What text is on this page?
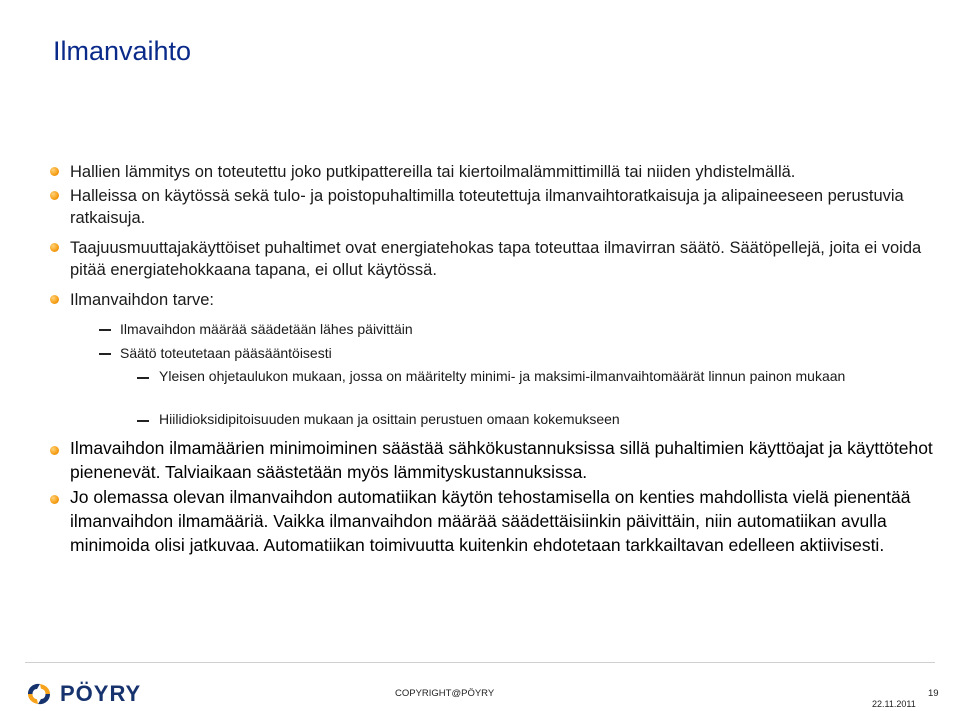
Ilmanvaihto
Hallien lämmitys on toteutettu joko putkipattereilla tai kiertoilmalämmittimillä tai niiden yhdistelmällä.
Halleissa on käytössä sekä tulo- ja poistopuhaltimilla toteutettuja ilmanvaihtoratkaisuja ja alipaineeseen perustuvia ratkaisuja.
Taajuusmuuttajakäyttöiset puhaltimet ovat energiatehokas tapa toteuttaa ilmavirran säätö. Säätöpellejä, joita ei voida pitää energiatehokkaana tapana, ei ollut käytössä.
Ilmanvaihdon tarve:
Ilmavaihdon määrää säädetään lähes päivittäin
Säätö toteutetaan pääsääntöisesti
Yleisen ohjetaulukon mukaan, jossa on määritelty minimi- ja maksimi-ilmanvaihtomäärät linnun painon mukaan
Hiilidioksidipitoisuuden mukaan ja osittain perustuen omaan kokemukseen
Ilmavaihdon ilmamäärien minimoiminen säästää sähkökustannuksissa sillä puhaltimien käyttöajat ja käyttötehot pienenevät. Talviaikaan säästetään myös lämmityskustannuksissa.
Jo olemassa olevan ilmanvaihdon automatiikan käytön tehostamisella on kenties mahdollista vielä pienentää ilmanvaihdon ilmamääriä. Vaikka ilmanvaihdon määrää säädettäisiinkin päivittäin, niin automatiikan avulla minimoida olisi jatkuvaa. Automatiikan toimivuutta kuitenkin ehdotetaan tarkkailtavan edelleen aktiivisesti.
PÖYRY	COPYRIGHT@PÖYRY
22.11.2011
19
